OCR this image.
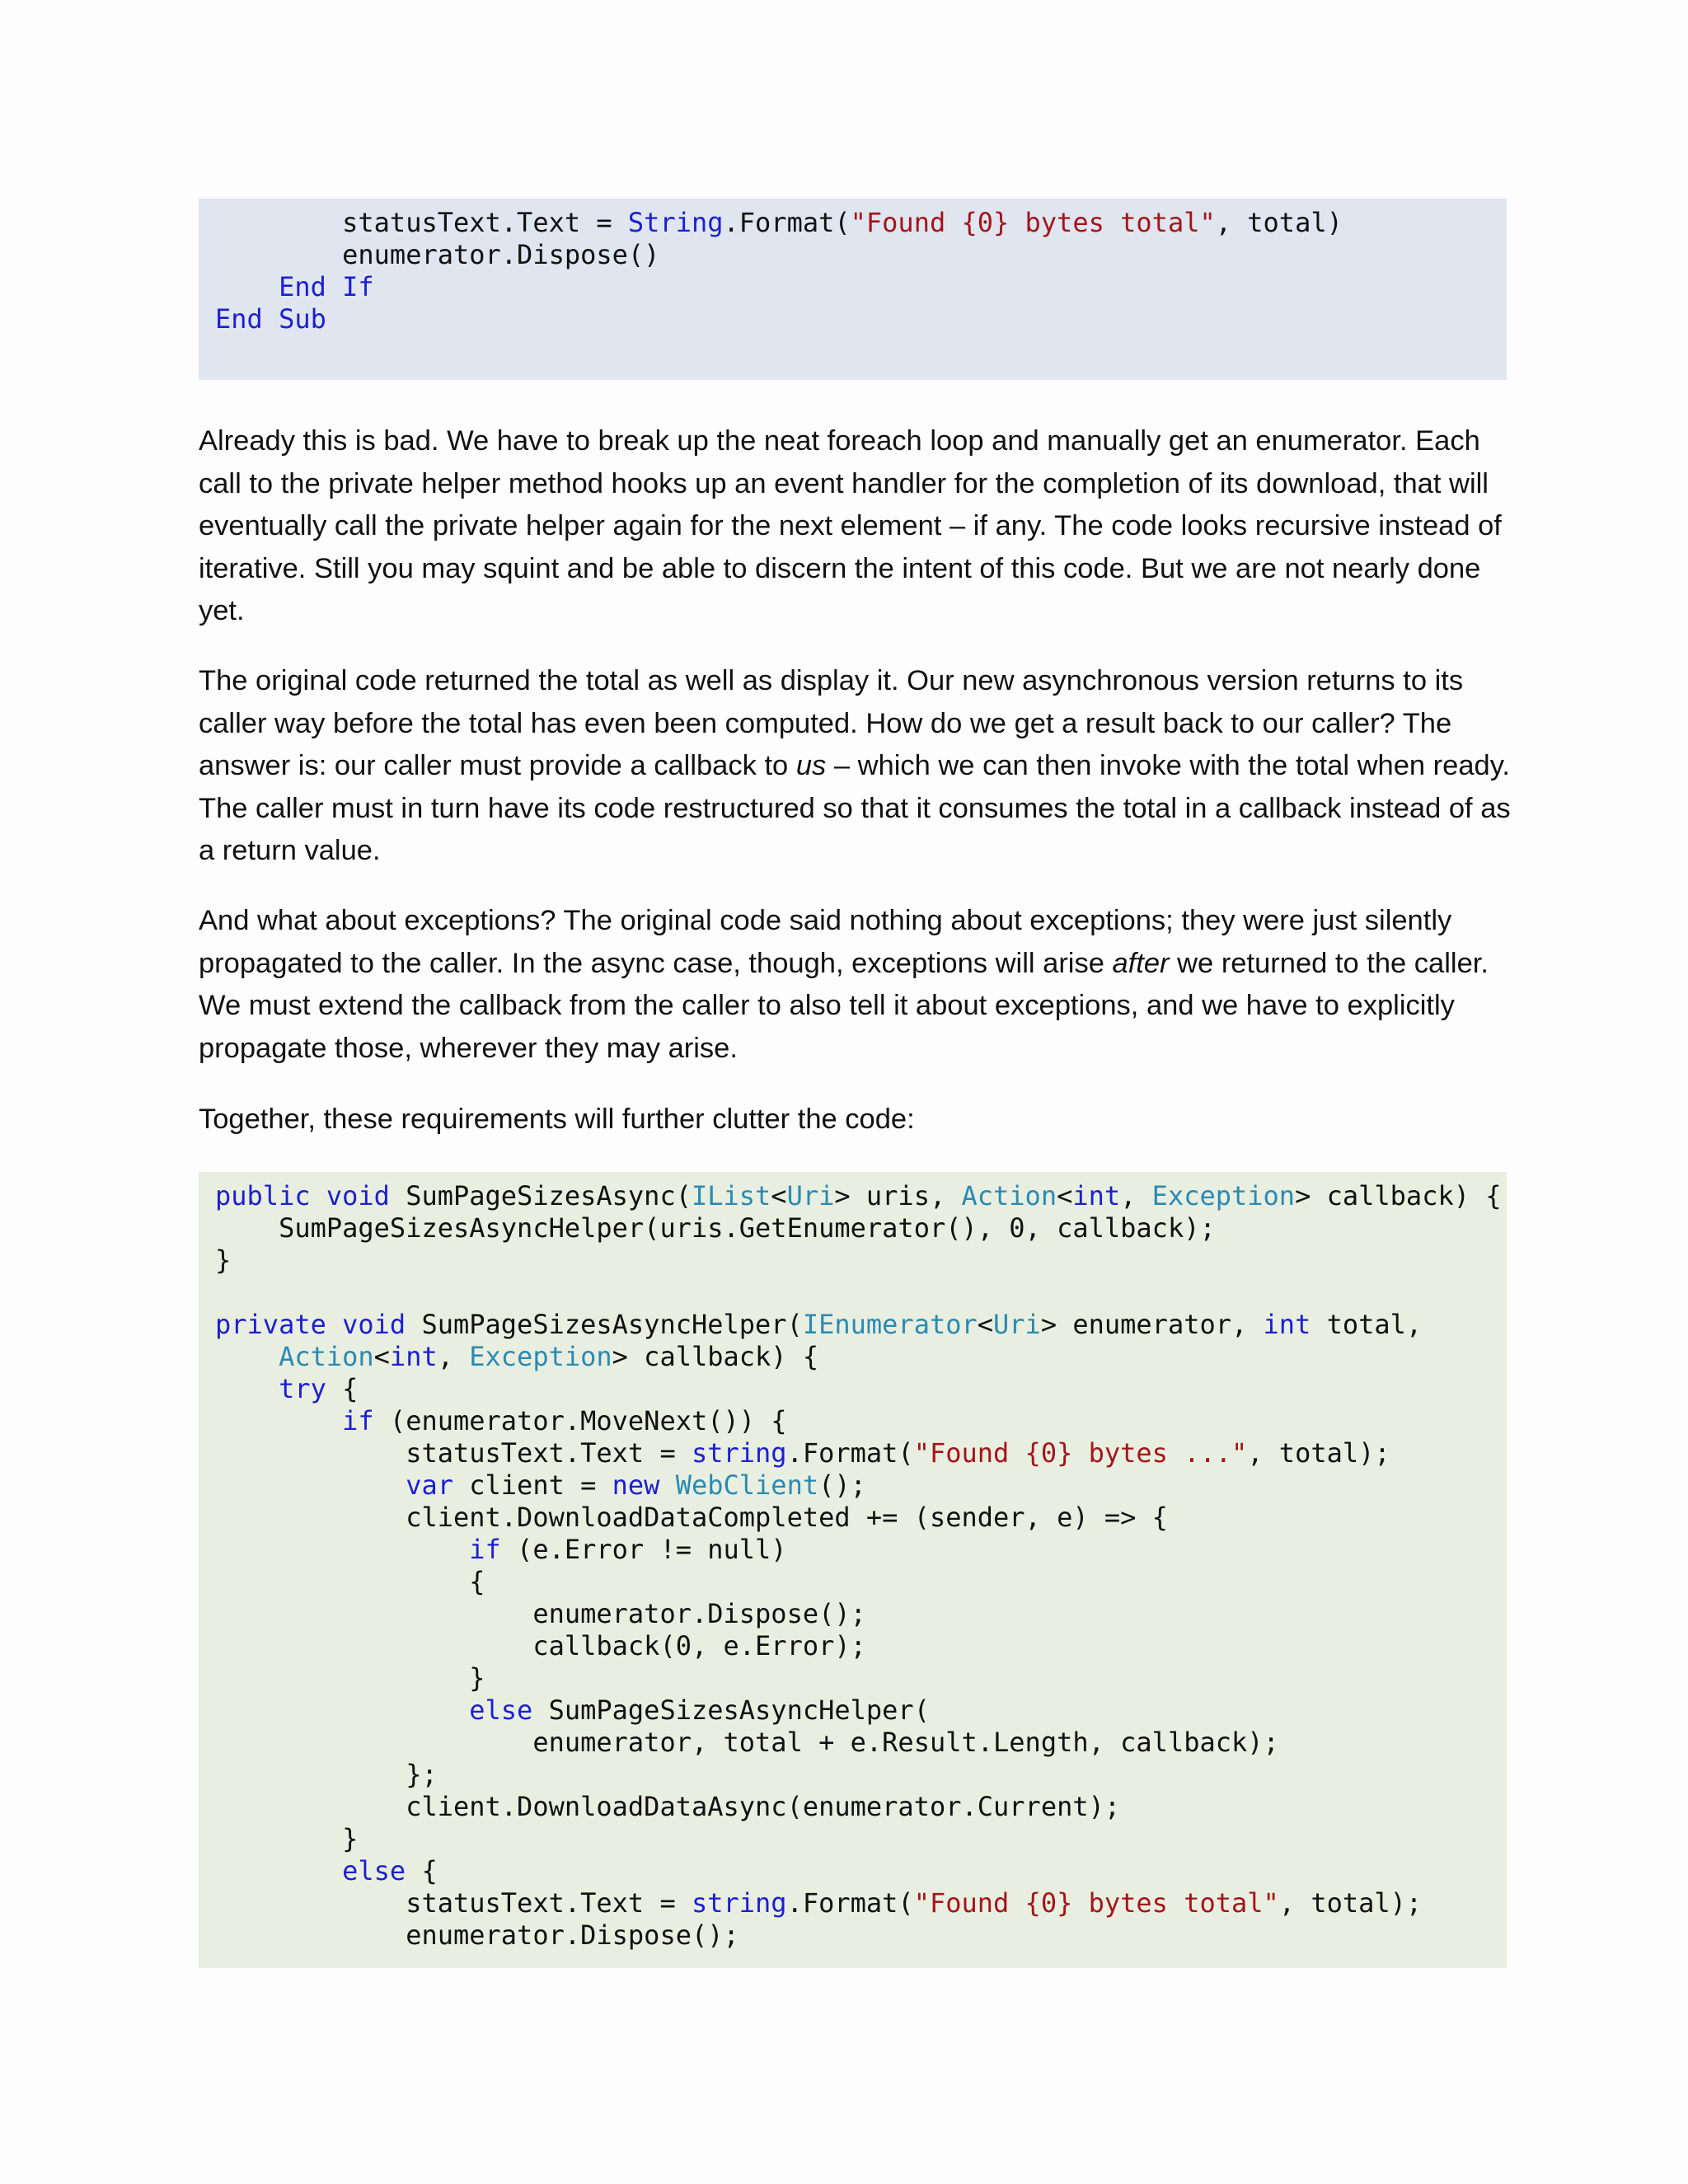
statusText.Text = String.Format("Found {0} bytes total", total)
enumerator.Dispose()
End If
End Sub

Already this is bad. We have to break up the neat foreach loop and manually get an enumerator. Each call to the private helper method hooks up an event handler for the completion of its download, that will eventually call the private helper again for the next element – if any. The code looks recursive instead of iterative. Still you may squint and be able to discern the intent of this code. But we are not nearly done yet.

The original code returned the total as well as display it. Our new asynchronous version returns to its caller way before the total has even been computed. How do we get a result back to our caller? The answer is: our caller must provide a callback to us – which we can then invoke with the total when ready. The caller must in turn have its code restructured so that it consumes the total in a callback instead of as a return value.

And what about exceptions? The original code said nothing about exceptions; they were just silently propagated to the caller. In the async case, though, exceptions will arise after we returned to the caller. We must extend the callback from the caller to also tell it about exceptions, and we have to explicitly propagate those, wherever they may arise.

Together, these requirements will further clutter the code:

public void SumPageSizesAsync(IList<Uri> uris, Action<int, Exception> callback) {
SumPageSizesAsyncHelper(uris.GetEnumerator(), 0, callback);
}
private void SumPageSizesAsyncHelper(IEnumerator<Uri> enumerator, int total,
Action<int, Exception> callback) {
try {
if (enumerator.MoveNext()) {
statusText.Text = string.Format("Found {0} bytes ...", total);
var client = new WebClient();
client.DownloadDataCompleted += (sender, e) => {
if (e.Error != null)
{
enumerator.Dispose();
callback(0, e.Error);
}
else SumPageSizesAsyncHelper(
enumerator, total + e.Result.Length, callback);
};
client.DownloadDataAsync(enumerator.Current);
}
else {
statusText.Text = string.Format("Found {0} bytes total", total);
enumerator.Dispose();
